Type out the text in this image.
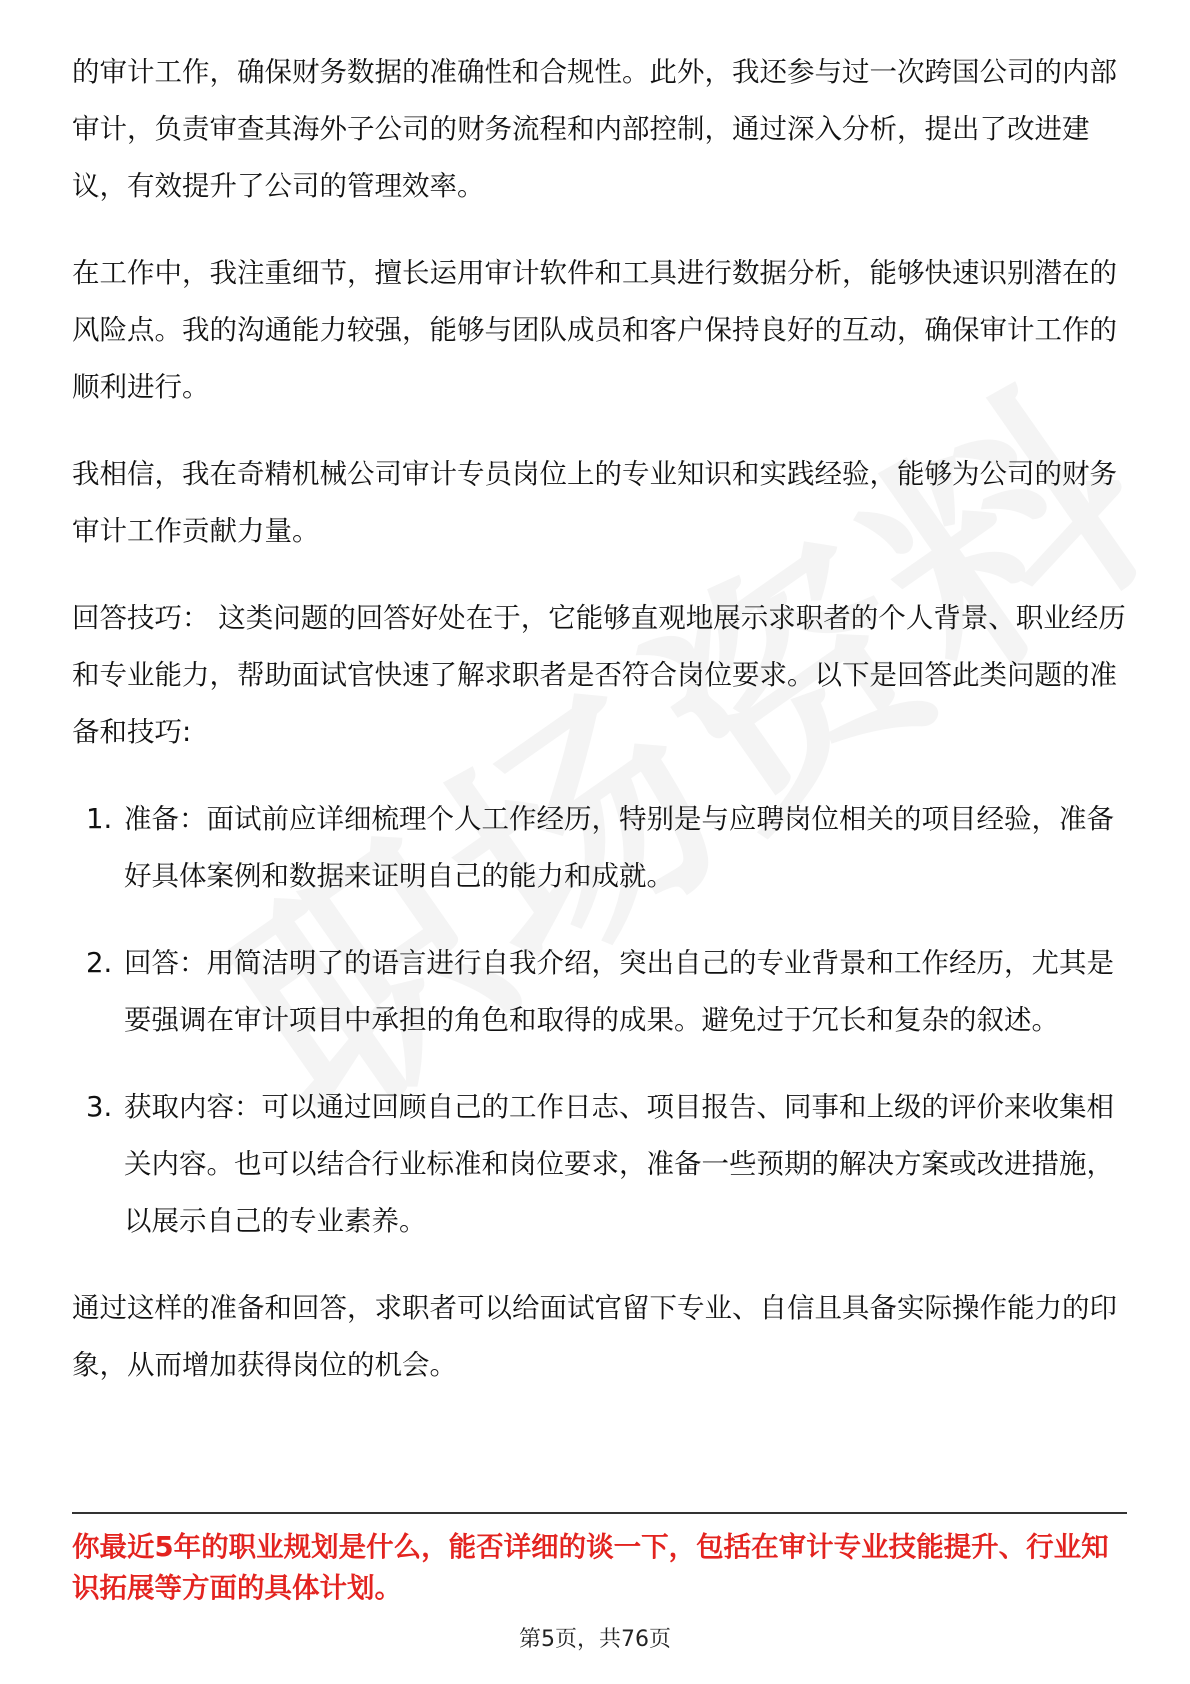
的审计工作，确保财务数据的准确性和合规性。此外，我还参与过一次跨国公司的内部审计，负责审查其海外子公司的财务流程和内部控制，通过深入分析，提出了改进建议，有效提升了公司的管理效率。

在工作中，我注重细节，擅长运用审计软件和工具进行数据分析，能够快速识别潜在的风险点。我的沟通能力较强，能够与团队成员和客户保持良好的互动，确保审计工作的顺利进行。

我相信，我在奇精机械公司审计专员岗位上的专业知识和实践经验，能够为公司的财务审计工作贡献力量。

回答技巧： 这类问题的回答好处在于，它能够直观地展示求职者的个人背景、职业经历和专业能力，帮助面试官快速了解求职者是否符合岗位要求。以下是回答此类问题的准备和技巧:

1. 准备：面试前应详细梳理个人工作经历，特别是与应聘岗位相关的项目经验，准备好具体案例和数据来证明自己的能力和成就。
2. 回答：用简洁明了的语言进行自我介绍，突出自己的专业背景和工作经历，尤其是要强调在审计项目中承担的角色和取得的成果。避免过于冗长和复杂的叙述。
3. 获取内容：可以通过回顾自己的工作日志、项目报告、同事和上级的评价来收集相关内容。也可以结合行业标准和岗位要求，准备一些预期的解决方案或改进措施，以展示自己的专业素养。

通过这样的准备和回答，求职者可以给面试官留下专业、自信且具备实际操作能力的印象，从而增加获得岗位的机会。

你最近5年的职业规划是什么，能否详细的谈一下，包括在审计专业技能提升、行业知识拓展等方面的具体计划。

第5页，共76页
